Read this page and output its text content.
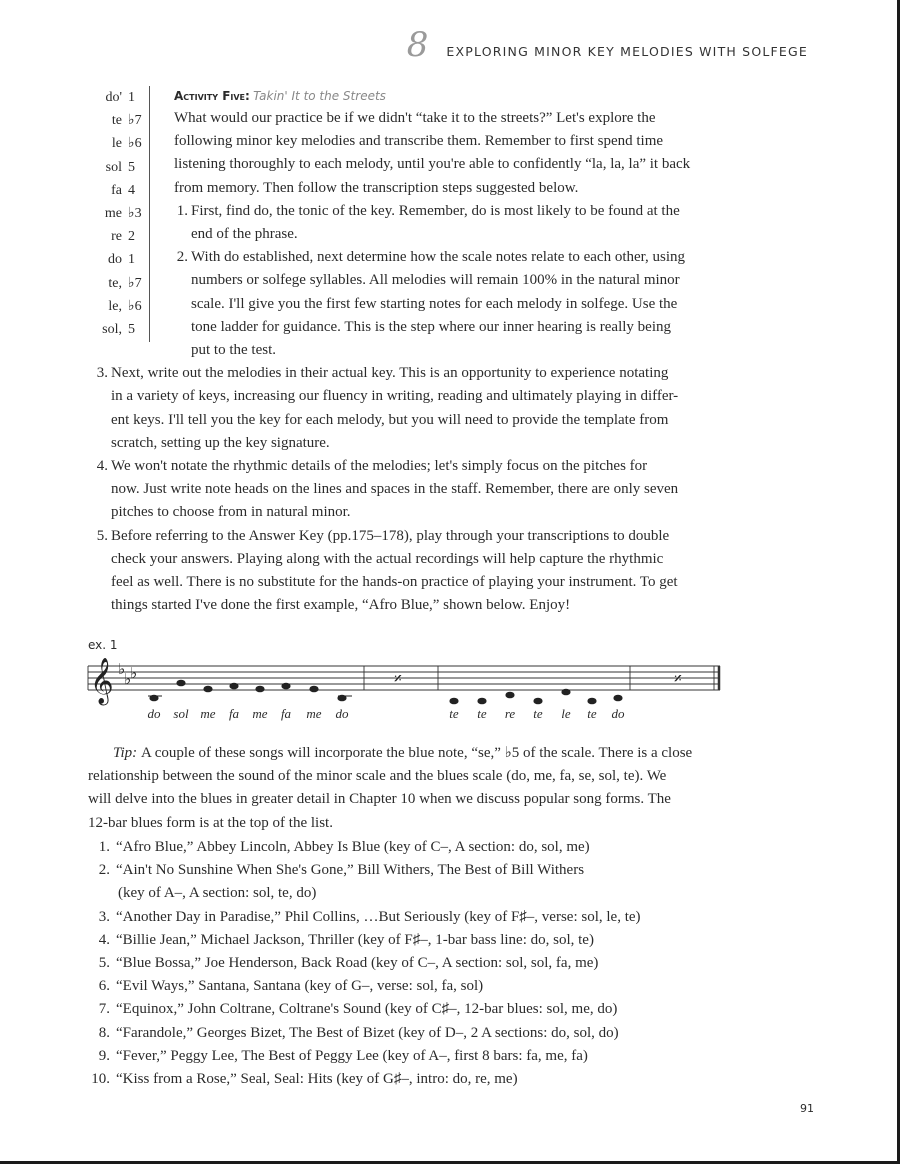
8 EXPLORING MINOR KEY MELODIES WITH SOLFEGE
do' 1
te ♭7
le ♭6
sol 5
fa 4
me ♭3
re 2
do 1
te, ♭7
le, ♭6
sol, 5
Activity Five: Takin' It to the Streets
What would our practice be if we didn't “take it to the streets?” Let's explore the
following minor key melodies and transcribe them. Remember to first spend time
listening thoroughly to each melody, until you're able to confidently “la, la, la” it back
from memory. Then follow the transcription steps suggested below.
1. First, find do, the tonic of the key. Remember, do is most likely to be found at the
end of the phrase.
2. With do established, next determine how the scale notes relate to each other, using
numbers or solfege syllables. All melodies will remain 100% in the natural minor
scale. I'll give you the first few starting notes for each melody in solfege. Use the
tone ladder for guidance. This is the step where our inner hearing is really being
put to the test.
3. Next, write out the melodies in their actual key. This is an opportunity to experience notating
in a variety of keys, increasing our fluency in writing, reading and ultimately playing in differ-
ent keys. I'll tell you the key for each melody, but you will need to provide the template from
scratch, setting up the key signature.
4. We won't notate the rhythmic details of the melodies; let's simply focus on the pitches for
now. Just write note heads on the lines and spaces in the staff. Remember, there are only seven
pitches to choose from in natural minor.
5. Before referring to the Answer Key (pp.175–178), play through your transcriptions to double
check your answers. Playing along with the actual recordings will help capture the rhythmic
feel as well. There is no substitute for the hands-on practice of playing your instrument. To get
things started I've done the first example, “Afro Blue,” shown below. Enjoy!
ex. 1
𝄞 ♭
♭
♭	𝄎	𝄎
do sol me fa me fa me do	te te re te le te do
Tip: A couple of these songs will incorporate the blue note, “se,” ♭5 of the scale. There is a close
relationship between the sound of the minor scale and the blues scale (do, me, fa, se, sol, te). We
will delve into the blues in greater detail in Chapter 10 when we discuss popular song forms. The
12-bar blues form is at the top of the list.
1. “Afro Blue,” Abbey Lincoln, Abbey Is Blue (key of C–, A section: do, sol, me)
2. “Ain't No Sunshine When She's Gone,” Bill Withers, The Best of Bill Withers
(key of A–, A section: sol, te, do)
3. “Another Day in Paradise,” Phil Collins, …But Seriously (key of F♯–, verse: sol, le, te)
4. “Billie Jean,” Michael Jackson, Thriller (key of F♯–, 1-bar bass line: do, sol, te)
5. “Blue Bossa,” Joe Henderson, Back Road (key of C–, A section: sol, sol, fa, me)
6. “Evil Ways,” Santana, Santana (key of G–, verse: sol, fa, sol)
7. “Equinox,” John Coltrane, Coltrane's Sound (key of C♯–, 12-bar blues: sol, me, do)
8. “Farandole,” Georges Bizet, The Best of Bizet (key of D–, 2 A sections: do, sol, do)
9. “Fever,” Peggy Lee, The Best of Peggy Lee (key of A–, first 8 bars: fa, me, fa)
10. “Kiss from a Rose,” Seal, Seal: Hits (key of G♯–, intro: do, re, me)
91
